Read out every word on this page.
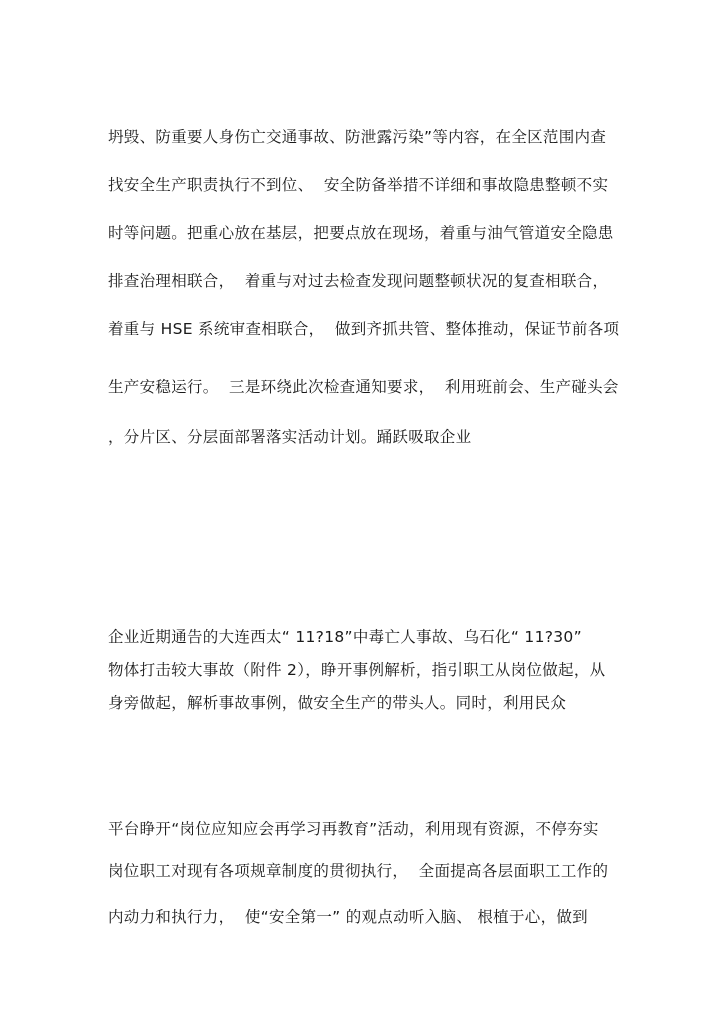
坍毁、防重要人身伤亡交通事故、防泄露污染”等内容，在全区范围内查

找安全生产职责执行不到位、  安全防备举措不详细和事故隐患整顿不实

时等问题。把重心放在基层，把要点放在现场，着重与油气管道安全隐患

排查治理相联合，  着重与对过去检查发现问题整顿状况的复查相联合，

着重与 HSE 系统审查相联合，  做到齐抓共管、整体推动，保证节前各项

生产安稳运行。  三是环绕此次检查通知要求，  利用班前会、生产碰头会

，分片区、分层面部署落实活动计划。踊跃吸取企业

企业近期通告的大连西太“ 11?18”中毒亡人事故、乌石化“ 11?30”

物体打击较大事故（附件 2），睁开事例解析，指引职工从岗位做起，从

身旁做起，解析事故事例，做安全生产的带头人。同时，利用民众

平台睁开“岗位应知应会再学习再教育”活动，利用现有资源，不停夯实

岗位职工对现有各项规章制度的贯彻执行，  全面提高各层面职工工作的

内动力和执行力，  使“安全第一” 的观点动听入脑、 根植于心，做到
